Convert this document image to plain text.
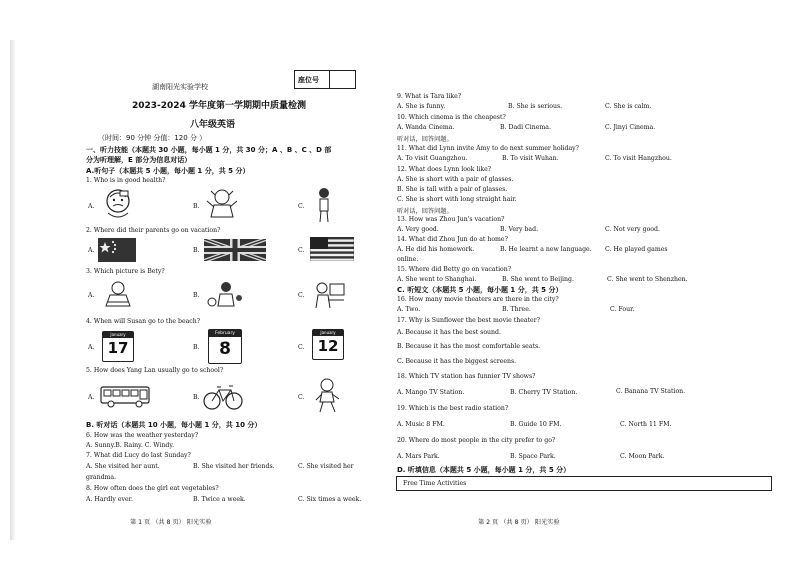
湖南阳光实验学校
座位号
2023-2024 学年度第一学期期中质量检测
八年级英语
（时间：90 分钟 分值：120 分 ）
一、听力技能（本题共 30 小题，每小题 1 分，共 30 分；A 、B 、C 、D 部
分为听理解，E 部分为信息对话）
A.听句子（本题共 5 小题，每小题 1 分，共 5 分）
1. Who is in good health?
A.	B.	C.
2. Where did their parents go on vacation?
A.	B.	C.
3. Which picture is Bety?
A.	B.	C.
4. When will Susan go to the beach?
A.
January
17	B.
February
8	C.
January
12
5. How does Yang Lan usually go to school?
A.	B.	C.
B. 听对话（本题共 10 小题，每小题 1 分，共 10 分）
6. How was the weather yesterday?
A. Sunny.B. Rainy. C. Windy.
7. What did Lucy do last Sunday?
A. She visited her aunt.	B. She visited her friends.	C. She visited her
grandma.
8. How often does the girl eat vegetables?
A. Hardly ever.	B. Twice a week.	C. Six times a week.
第 1 页 （共 8 页） 阳光实验
9. What is Tara like?
A. She is funny.	B. She is serious.	C. She is calm.
10. Which cinema is the cheapest?
A. Wanda Cinema.	B. Dadi Cinema.	C. Jinyi Cinema.
听对话，回答问题。
11. What did Lynn invite Amy to do next summer holiday?
A. To visit Guangzhou.	B. To visit Wuhan.	C. To visit Hangzhou.
12. What does Lynn look like?
A. She is short with a pair of glasses.
B. She is tall with a pair of glasses.
C. She is short with long straight hair.
听对话，回答问题。
13. How was Zhou Jun's vacation?
A. Very good.	B. Very bad.	C. Not very good.
14. What did Zhou Jun do at home?
A. He did his homework.	B. He learnt a new language. C. He played games
online.
15. Where did Betty go on vacation?
A. She went to Shanghai.	B. She went to Beijing.	C. She went to Shenzhen.
C. 听短文（本题共 5 小题，每小题 1 分，共 5 分）
16. How many movie theaters are there in the city?
A. Two.	B. Three.	C. Four.
17. Why is Sunflower the best movie theater?
A. Because it has the best sound.
B. Because it has the most comfortable seats.
C. Because it has the biggest screens.
18. Which TV station has funnier TV shows?
A. Mango TV Station.	B. Cherry TV Station.	C. Banana TV Station.
19. Which is the best radio station?
A. Music 8 FM.	B. Guide 10 FM.	C. North 11 FM.
20. Where do most people in the city prefer to go?
A. Mars Park.	B. Space Park.	C. Moon Park.
D. 听填信息（本题共 5 小题，每小题 1 分，共 5 分）
Free Time Activities
第 2 页 （共 8 页） 阳光实验
